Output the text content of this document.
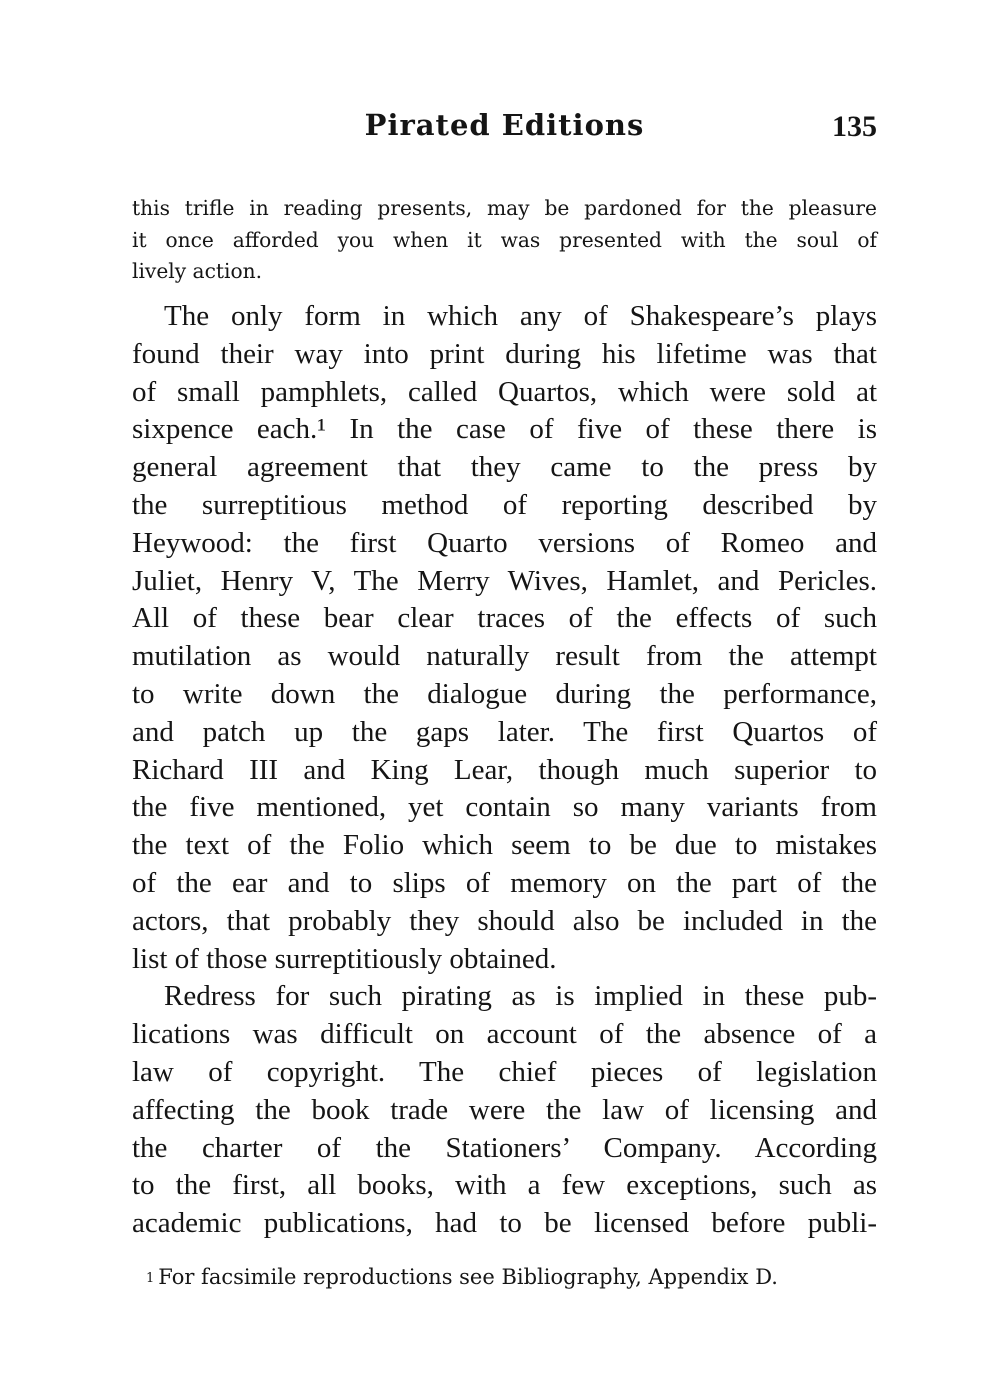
Pirated Editions	135
this trifle in reading presents, may be pardoned for the pleasure
it once afforded you when it was presented with the soul of
lively action.
The only form in which any of Shakespeare’s plays
found their way into print during his lifetime was that
of small pamphlets, called Quartos, which were sold at
sixpence each.¹ In the case of five of these there is
general agreement that they came to the press by
the surreptitious method of reporting described by
Heywood: the first Quarto versions of Romeo and
Juliet, Henry V, The Merry Wives, Hamlet, and Pericles.
All of these bear clear traces of the effects of such
mutilation as would naturally result from the attempt
to write down the dialogue during the performance,
and patch up the gaps later. The first Quartos of
Richard III and King Lear, though much superior to
the five mentioned, yet contain so many variants from
the text of the Folio which seem to be due to mistakes
of the ear and to slips of memory on the part of the
actors, that probably they should also be included in the
list of those surreptitiously obtained.
Redress for such pirating as is implied in these pub-
lications was difficult on account of the absence of a
law of copyright. The chief pieces of legislation
affecting the book trade were the law of licensing and
the charter of the Stationers’ Company. According
to the first, all books, with a few exceptions, such as
academic publications, had to be licensed before publi-
$^1$ For facsimile reproductions see Bibliography, Appendix D.
